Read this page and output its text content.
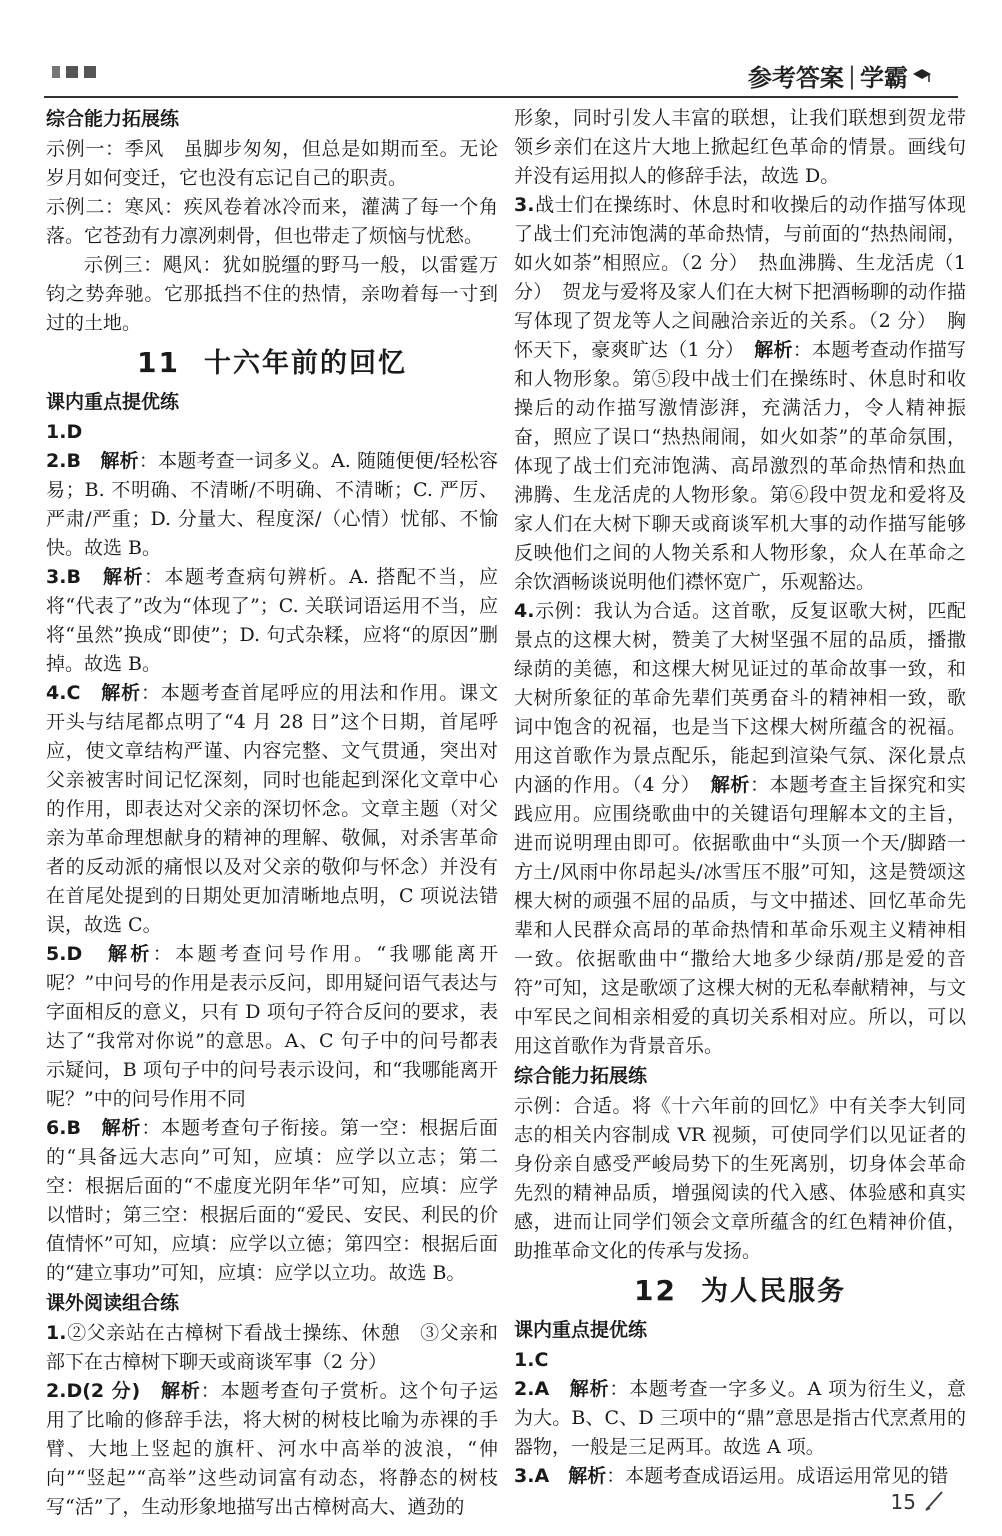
参考答案 | 学霸

综合能力拓展练

示例一：季风　虽脚步匆匆，但总是如期而至。无论岁月如何变迁，它也没有忘记自己的职责。

示例二：寒风：疾风卷着冰冷而来，灌满了每一个角落。它苍劲有力凛冽刺骨，但也带走了烦恼与忧愁。

示例三：飓风：犹如脱缰的野马一般，以雷霆万钧之势奔驰。它那抵挡不住的热情，亲吻着每一寸到过的土地。

11 十六年前的回忆

课内重点提优练

1.D

2.B　 解析：本题考查一词多义。A. 随随便便/轻松容易；B. 不明确、不清晰/不明确、不清晰；C. 严厉、严肃/严重；D. 分量大、程度深/（心情）忧郁、不愉快。故选 B。

3.B　 解析：本题考查病句辨析。A. 搭配不当，应将“代表了”改为“体现了”；C. 关联词语运用不当，应将“虽然”换成“即使”；D. 句式杂糅，应将“的原因”删掉。故选 B。

4.C　 解析：本题考查首尾呼应的用法和作用。课文开头与结尾都点明了“4 月 28 日”这个日期，首尾呼应，使文章结构严谨、内容完整、文气贯通，突出对父亲被害时间记忆深刻，同时也能起到深化文章中心的作用，即表达对父亲的深切怀念。文章主题（对父亲为革命理想献身的精神的理解、敬佩，对杀害革命者的反动派的痛恨以及对父亲的敬仰与怀念）并没有在首尾处提到的日期处更加清晰地点明，C 项说法错误，故选 C。

5.D　 解析：本题考查问号作用。“我哪能离开呢？”中问号的作用是表示反问，即用疑问语气表达与字面相反的意义，只有 D 项句子符合反问的要求，表达了“我常对你说”的意思。A、C 句子中的问号都表示疑问，B 项句子中的问号表示设问，和“我哪能离开呢？”中的问号作用不同

6.B　 解析：本题考查句子衔接。第一空：根据后面的“具备远大志向”可知，应填：应学以立志；第二空：根据后面的“不虚度光阴年华”可知，应填：应学以惜时；第三空：根据后面的“爱民、安民、利民的价值情怀”可知，应填：应学以立德；第四空：根据后面的“建立事功”可知，应填：应学以立功。故选 B。

课外阅读组合练

1.②父亲站在古樟树下看战士操练、休憩　③父亲和部下在古樟树下聊天或商谈军事（2 分）

2.D(2 分)　 解析：本题考查句子赏析。这个句子运用了比喻的修辞手法，将大树的树枝比喻为赤裸的手臂、大地上竖起的旗杆、河水中高举的波浪，“伸向”“竖起”“高举”这些动词富有动态，将静态的树枝写“活”了，生动形象地描写出古樟树高大、遒劲的

形象，同时引发人丰富的联想，让我们联想到贺龙带领乡亲们在这片大地上掀起红色革命的情景。画线句并没有运用拟人的修辞手法，故选 D。

3.战士们在操练时、休息时和收操后的动作描写体现了战士们充沛饱满的革命热情，与前面的“热热闹闹，如火如荼”相照应。（2 分）　热血沸腾、生龙活虎（1 分）　贺龙与爱将及家人们在大树下把酒畅聊的动作描写体现了贺龙等人之间融洽亲近的关系。（2 分）　胸怀天下，豪爽旷达（1 分）　 解析：本题考查动作描写和人物形象。第⑤段中战士们在操练时、休息时和收操后的动作描写激情澎湃，充满活力，令人精神振奋，照应了误口“热热闹闹，如火如荼”的革命氛围，体现了战士们充沛饱满、高昂激烈的革命热情和热血沸腾、生龙活虎的人物形象。第⑥段中贺龙和爱将及家人们在大树下聊天或商谈军机大事的动作描写能够反映他们之间的人物关系和人物形象，众人在革命之余饮酒畅谈说明他们襟怀宽广，乐观豁达。

4.示例：我认为合适。这首歌，反复讴歌大树，匹配景点的这棵大树，赞美了大树坚强不屈的品质，播撒绿荫的美德，和这棵大树见证过的革命故事一致，和大树所象征的革命先辈们英勇奋斗的精神相一致，歌词中饱含的祝福，也是当下这棵大树所蕴含的祝福。用这首歌作为景点配乐，能起到渲染气氛、深化景点内涵的作用。（4 分）　 解析：本题考查主旨探究和实践应用。应围绕歌曲中的关键语句理解本文的主旨，进而说明理由即可。依据歌曲中“头顶一个天/脚踏一方土/风雨中你昂起头/冰雪压不服”可知，这是赞颂这棵大树的顽强不屈的品质，与文中描述、回忆革命先辈和人民群众高昂的革命热情和革命乐观主义精神相一致。依据歌曲中“撒给大地多少绿荫/那是爱的音符”可知，这是歌颂了这棵大树的无私奉献精神，与文中军民之间相亲相爱的真切关系相对应。所以，可以用这首歌作为背景音乐。

综合能力拓展练

示例：合适。将《十六年前的回忆》中有关李大钊同志的相关内容制成 VR 视频，可使同学们以见证者的身份亲自感受严峻局势下的生死离别，切身体会革命先烈的精神品质，增强阅读的代入感、体验感和真实感，进而让同学们领会文章所蕴含的红色精神价值，助推革命文化的传承与发扬。

12 为人民服务

课内重点提优练

1.C

2.A　 解析：本题考查一字多义。A 项为衍生义，意为大。B、C、D 三项中的“鼎”意思是指古代烹煮用的器物，一般是三足两耳。故选 A 项。

3.A　 解析：本题考查成语运用。成语运用常见的错

15
